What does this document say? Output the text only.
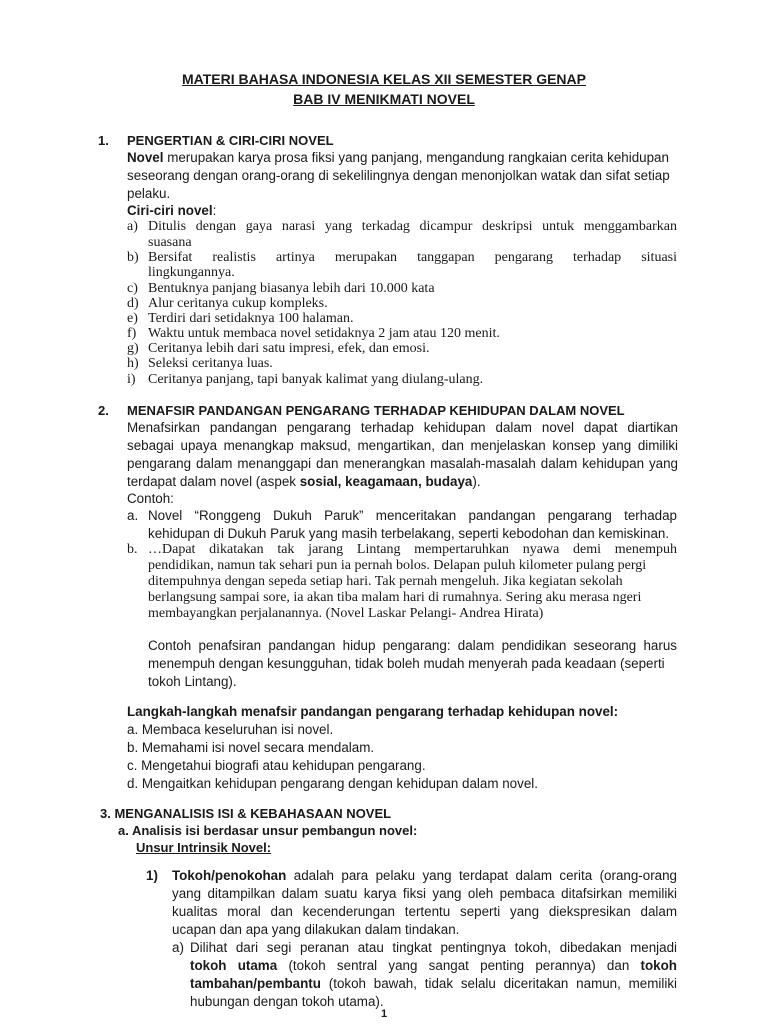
MATERI BAHASA INDONESIA KELAS XII SEMESTER GENAP
BAB IV MENIKMATI NOVEL
1. PENGERTIAN & CIRI-CIRI NOVEL
Novel merupakan karya prosa fiksi yang panjang, mengandung rangkaian cerita kehidupan
seseorang dengan orang-orang di sekelilingnya dengan menonjolkan watak dan sifat setiap
pelaku.
Ciri-ciri novel:
a) Ditulis dengan gaya narasi yang terkadag dicampur deskripsi untuk menggambarkan
suasana
b) Bersifat realistis artinya merupakan tanggapan pengarang terhadap situasi
lingkungannya.
c) Bentuknya panjang biasanya lebih dari 10.000 kata
d) Alur ceritanya cukup kompleks.
e) Terdiri dari setidaknya 100 halaman.
f) Waktu untuk membaca novel setidaknya 2 jam atau 120 menit.
g) Ceritanya lebih dari satu impresi, efek, dan emosi.
h) Seleksi ceritanya luas.
i) Ceritanya panjang, tapi banyak kalimat yang diulang-ulang.
2. MENAFSIR PANDANGAN PENGARANG TERHADAP KEHIDUPAN DALAM NOVEL
Menafsirkan pandangan pengarang terhadap kehidupan dalam novel dapat diartikan
sebagai upaya menangkap maksud, mengartikan, dan menjelaskan konsep yang dimiliki
pengarang dalam menanggapi dan menerangkan masalah-masalah dalam kehidupan yang
terdapat dalam novel (aspek sosial, keagamaan, budaya).
Contoh:
a. Novel “Ronggeng Dukuh Paruk” menceritakan pandangan pengarang terhadap
kehidupan di Dukuh Paruk yang masih terbelakang, seperti kebodohan dan kemiskinan.
b. …Dapat dikatakan tak jarang Lintang mempertaruhkan nyawa demi menempuh
pendidikan, namun tak sehari pun ia pernah bolos. Delapan puluh kilometer pulang pergi
ditempuhnya dengan sepeda setiap hari. Tak pernah mengeluh. Jika kegiatan sekolah
berlangsung sampai sore, ia akan tiba malam hari di rumahnya. Sering aku merasa ngeri
membayangkan perjalanannya. (Novel Laskar Pelangi- Andrea Hirata)
Contoh penafsiran pandangan hidup pengarang: dalam pendidikan seseorang harus
menempuh dengan kesungguhan, tidak boleh mudah menyerah pada keadaan (seperti
tokoh Lintang).
Langkah-langkah menafsir pandangan pengarang terhadap kehidupan novel:
a. Membaca keseluruhan isi novel.
b. Memahami isi novel secara mendalam.
c. Mengetahui biografi atau kehidupan pengarang.
d. Mengaitkan kehidupan pengarang dengan kehidupan dalam novel.
3. MENGANALISIS ISI & KEBAHASAAN NOVEL
a. Analisis isi berdasar unsur pembangun novel:
Unsur Intrinsik Novel:
1) Tokoh/penokohan adalah para pelaku yang terdapat dalam cerita (orang-orang
yang ditampilkan dalam suatu karya fiksi yang oleh pembaca ditafsirkan memiliki
kualitas moral dan kecenderungan tertentu seperti yang diekspresikan dalam
ucapan dan apa yang dilakukan dalam tindakan.
a) Dilihat dari segi peranan atau tingkat pentingnya tokoh, dibedakan menjadi
tokoh utama (tokoh sentral yang sangat penting perannya) dan tokoh
tambahan/pembantu (tokoh bawah, tidak selalu diceritakan namun, memiliki
hubungan dengan tokoh utama).
1
